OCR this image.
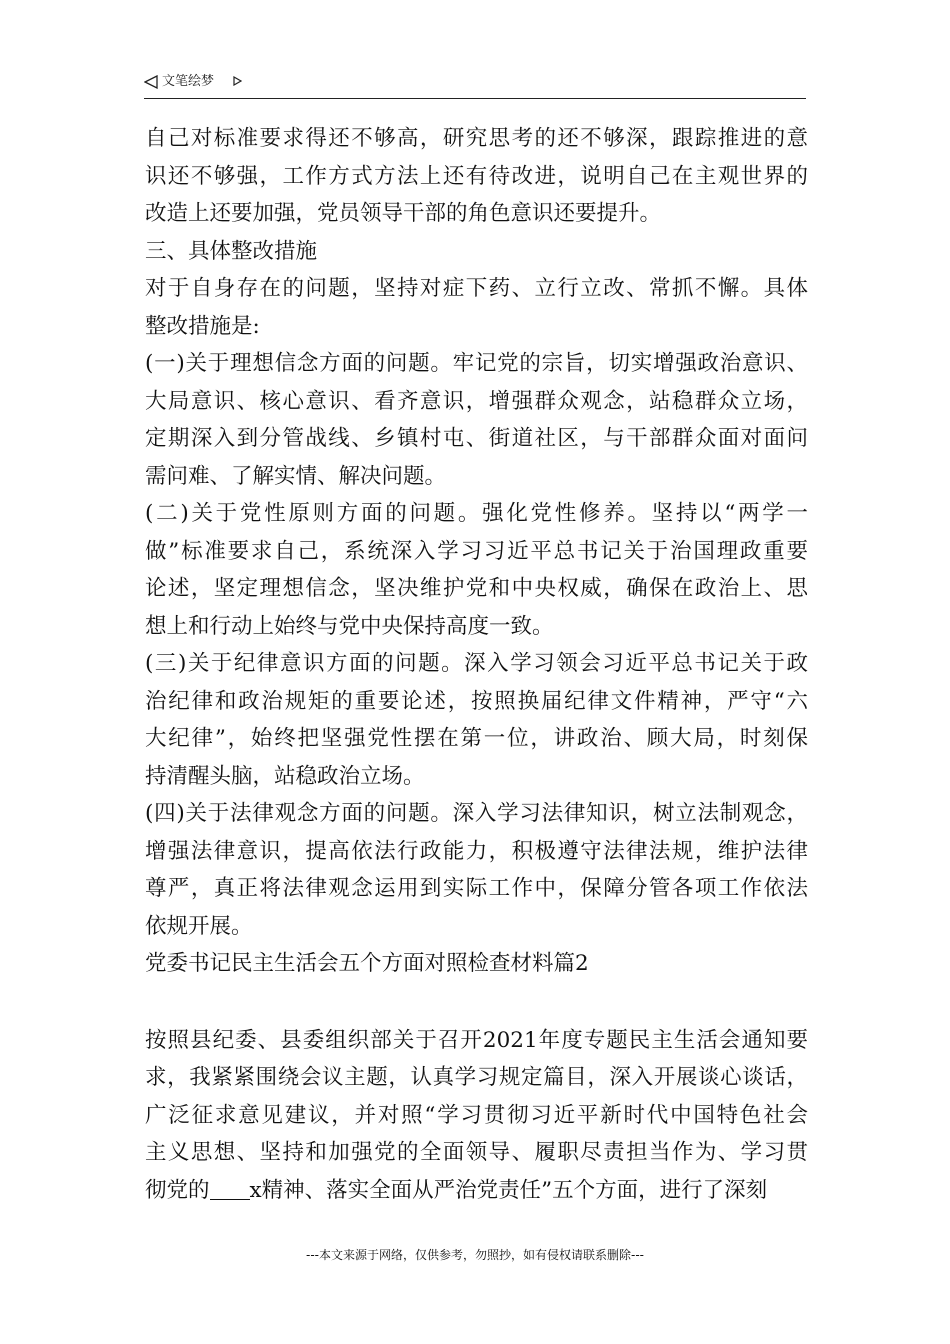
文笔绘梦
自己对标准要求得还不够高，研究思考的还不够深，跟踪推进的意
识还不够强，工作方式方法上还有待改进，说明自己在主观世界的
改造上还要加强，党员领导干部的角色意识还要提升。
三、具体整改措施
对于自身存在的问题，坚持对症下药、立行立改、常抓不懈。具体
整改措施是:
(一)关于理想信念方面的问题。牢记党的宗旨，切实增强政治意识、
大局意识、核心意识、看齐意识，增强群众观念，站稳群众立场，
定期深入到分管战线、乡镇村屯、街道社区，与干部群众面对面问
需问难、了解实情、解决问题。
(二)关于党性原则方面的问题。强化党性修养。坚持以“两学一
做”标准要求自己，系统深入学习习近平总书记关于治国理政重要
论述，坚定理想信念，坚决维护党和中央权威，确保在政治上、思
想上和行动上始终与党中央保持高度一致。
(三)关于纪律意识方面的问题。深入学习领会习近平总书记关于政
治纪律和政治规矩的重要论述，按照换届纪律文件精神，严守“六
大纪律”，始终把坚强党性摆在第一位，讲政治、顾大局，时刻保
持清醒头脑，站稳政治立场。
(四)关于法律观念方面的问题。深入学习法律知识，树立法制观念，
增强法律意识，提高依法行政能力，积极遵守法律法规，维护法律
尊严，真正将法律观念运用到实际工作中，保障分管各项工作依法
依规开展。
党委书记民主生活会五个方面对照检查材料篇2
按照县纪委、县委组织部关于召开2021年度专题民主生活会通知要
求，我紧紧围绕会议主题，认真学习规定篇目，深入开展谈心谈话，
广泛征求意见建议，并对照“学习贯彻习近平新时代中国特色社会
主义思想、坚持和加强党的全面领导、履职尽责担当作为、学习贯
彻党的 x精神、落实全面从严治党责任”五个方面，进行了深刻
---本文来源于网络，仅供参考，勿照抄，如有侵权请联系删除---
